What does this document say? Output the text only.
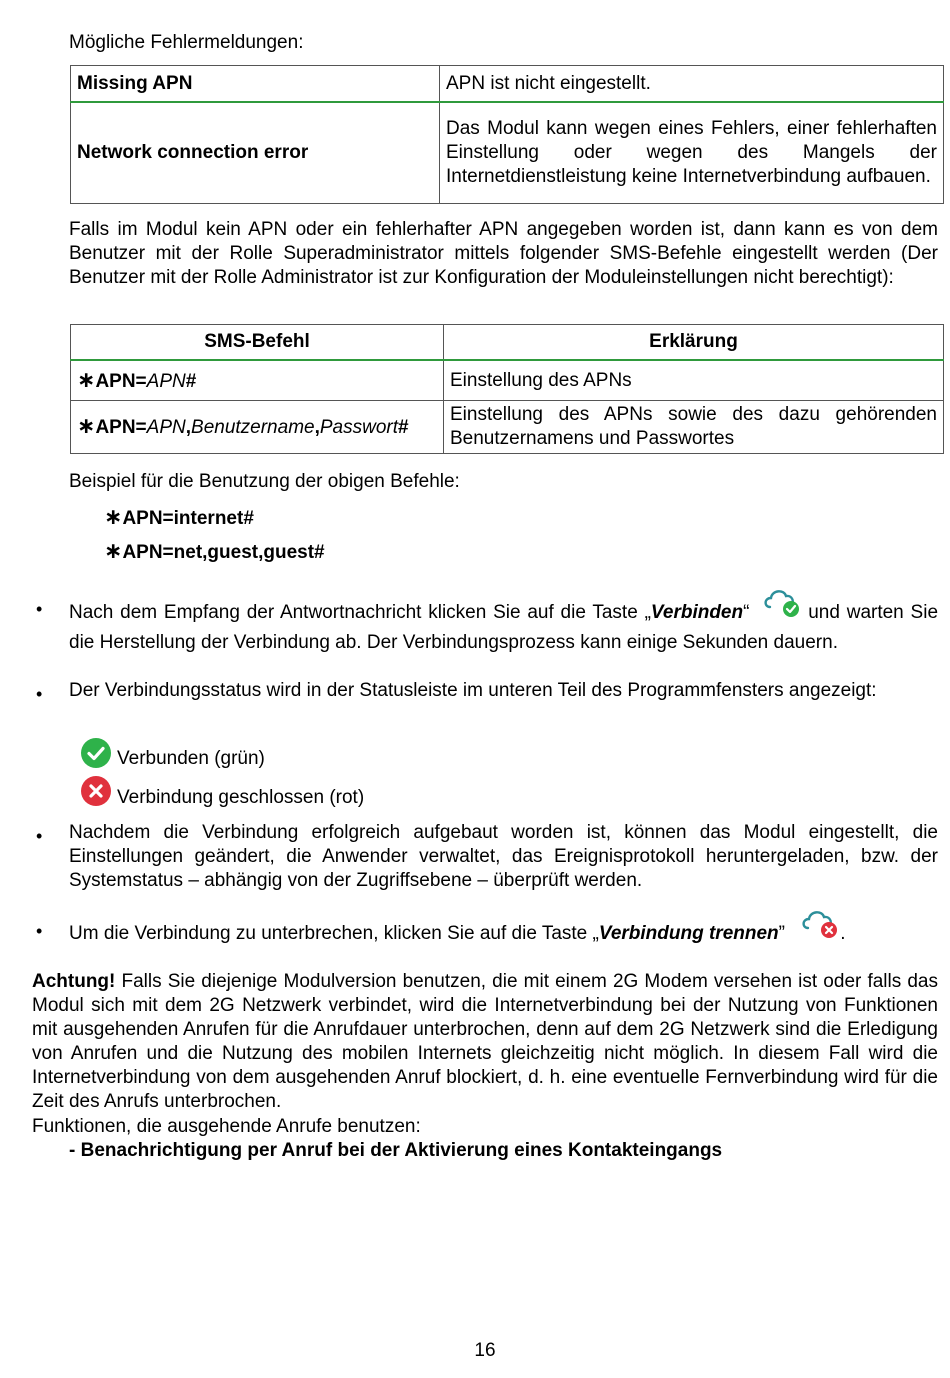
Mögliche Fehlermeldungen:
Missing APN	APN ist nicht eingestellt.
Network connection error	Das Modul kann wegen eines Fehlers, einer fehlerhaften Einstellung oder wegen des Mangels der Internetdienstleistung keine Internetverbindung aufbauen.
Falls im Modul kein APN oder ein fehlerhafter APN angegeben worden ist, dann kann es von dem Benutzer mit der Rolle Superadministrator mittels folgender SMS-Befehle eingestellt werden (Der Benutzer mit der Rolle Administrator ist zur Konfiguration der Moduleinstellungen nicht berechtigt):
SMS-Befehl	Erklärung
∗APN=APN#	Einstellung des APNs
∗APN=APN,Benutzername,Passwort#	Einstellung des APNs sowie des dazu gehörenden Benutzernamens und Passwortes
Beispiel für die Benutzung der obigen Befehle:
∗APN=internet#
∗APN=net,guest,guest#
• Nach dem Empfang der Antwortnachricht klicken Sie auf die Taste „Verbinden“	und warten Sie die Herstellung der Verbindung ab. Der Verbindungsprozess kann einige Sekunden dauern.
• Der Verbindungsstatus wird in der Statusleiste im unteren Teil des Programmfensters angezeigt:
Verbunden (grün)
Verbindung geschlossen (rot)
• Nachdem die Verbindung erfolgreich aufgebaut worden ist, können das Modul eingestellt, die Einstellungen geändert, die Anwender verwaltet, das Ereignisprotokoll heruntergeladen, bzw. der Systemstatus – abhängig von der Zugriffsebene – überprüft werden.
• Um die Verbindung zu unterbrechen, klicken Sie auf die Taste „Verbindung trennen”	.
Achtung! Falls Sie diejenige Modulversion benutzen, die mit einem 2G Modem versehen ist oder falls das Modul sich mit dem 2G Netzwerk verbindet, wird die Internetverbindung bei der Nutzung von Funktionen mit ausgehenden Anrufen für die Anrufdauer unterbrochen, denn auf dem 2G Netzwerk sind die Erledigung von Anrufen und die Nutzung des mobilen Internets gleichzeitig nicht möglich. In diesem Fall wird die Internetverbindung von dem ausgehenden Anruf blockiert, d. h. eine eventuelle Fernverbindung wird für die Zeit des Anrufs unterbrochen.
Funktionen, die ausgehende Anrufe benutzen:
- Benachrichtigung per Anruf bei der Aktivierung eines Kontakteingangs
16
